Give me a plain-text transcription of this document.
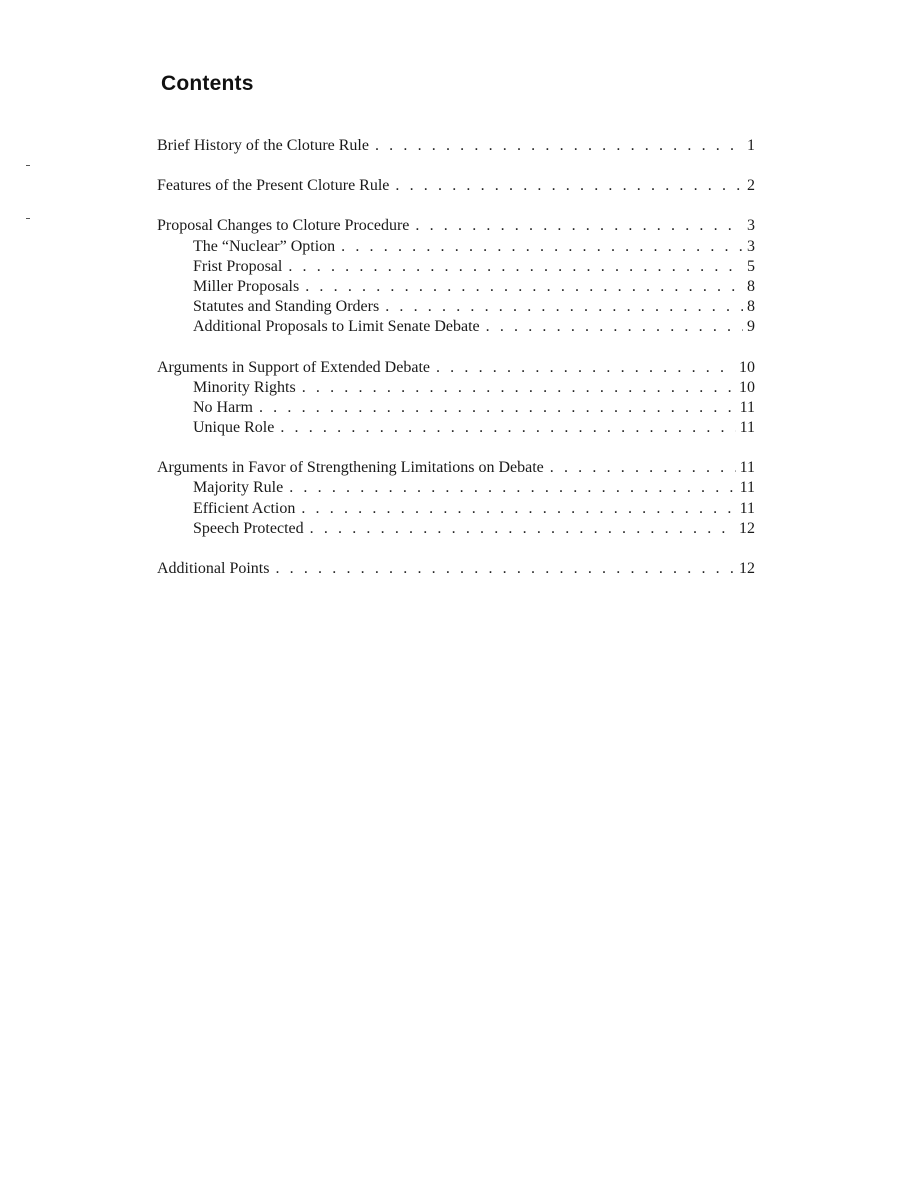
Contents
Brief History of the Cloture Rule . . .	1
Features of the Present Cloture Rule . . .	2
Proposal Changes to Cloture Procedure . . .	3
The “Nuclear” Option . . .	3
Frist Proposal . . .	5
Miller Proposals . . .	8
Statutes and Standing Orders . . .	8
Additional Proposals to Limit Senate Debate . . .	9
Arguments in Support of Extended Debate . . .	10
Minority Rights . . .	10
No Harm . . .	11
Unique Role . . .	11
Arguments in Favor of Strengthening Limitations on Debate . . .	11
Majority Rule . . .	11
Efficient Action . . .	11
Speech Protected . . .	12
Additional Points . . .	12
